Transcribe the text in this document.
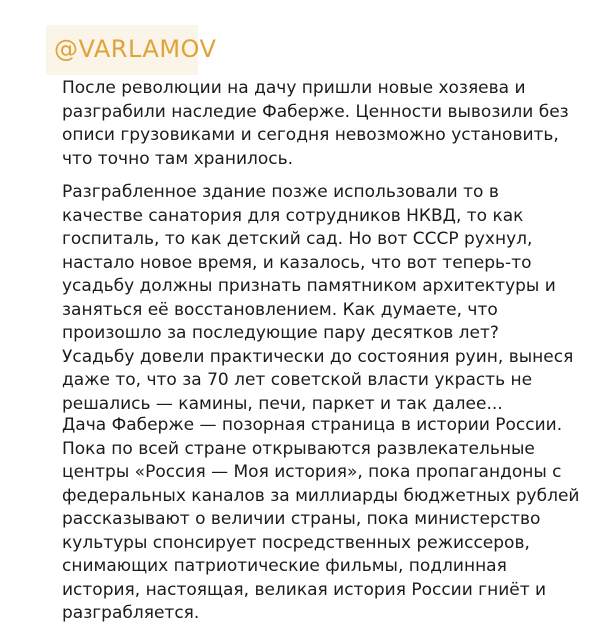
@VARLAMOV
После революции на дачу пришли новые хозяева и
разграбили наследие Фаберже. Ценности вывозили без
описи грузовиками и сегодня невозможно установить,
что точно там хранилось.
Разграбленное здание позже использовали то в
качестве санатория для сотрудников НКВД, то как
госпиталь, то как детский сад. Но вот СССР рухнул,
настало новое время, и казалось, что вот теперь-то
усадьбу должны признать памятником архитектуры и
заняться её восстановлением. Как думаете, что
произошло за последующие пару десятков лет?
Усадьбу довели практически до состояния руин, вынеся
даже то, что за 70 лет советской власти украсть не
решались — камины, печи, паркет и так далее...
Дача Фаберже — позорная страница в истории России.
Пока по всей стране открываются развлекательные
центры «Россия — Моя история», пока пропагандоны с
федеральных каналов за миллиарды бюджетных рублей
рассказывают о величии страны, пока министерство
культуры спонсирует посредственных режиссеров,
снимающих патриотические фильмы, подлинная
история, настоящая, великая история России гниёт и
разграбляется.
